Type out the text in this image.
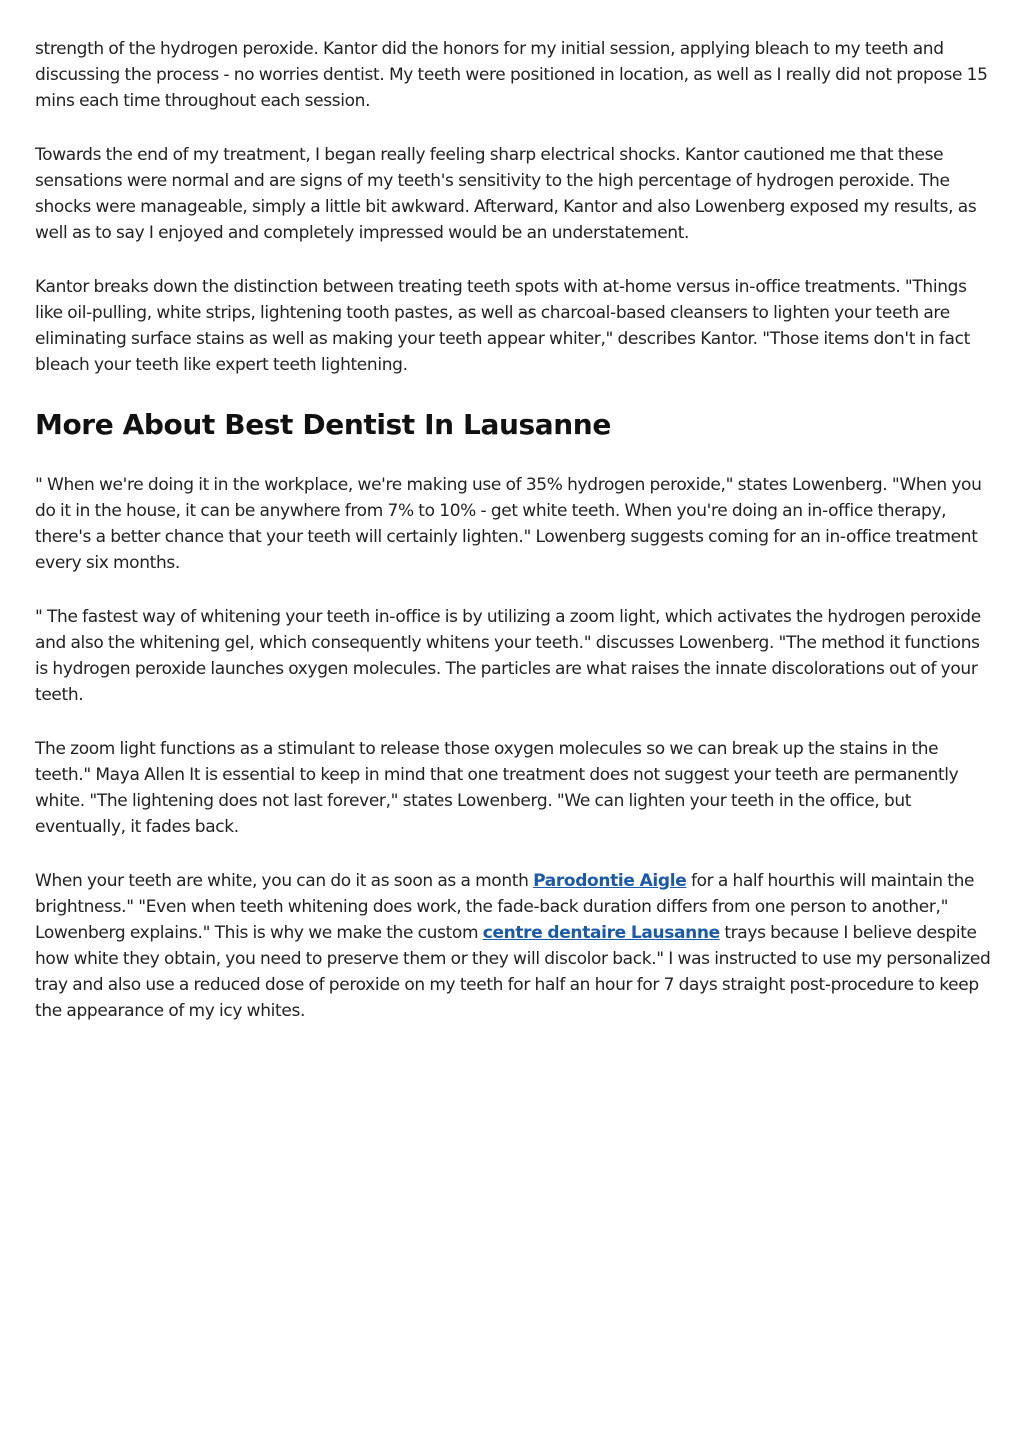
strength of the hydrogen peroxide. Kantor did the honors for my initial session, applying bleach to my teeth and discussing the process - no worries dentist. My teeth were positioned in location, as well as I really did not propose 15 mins each time throughout each session.

Towards the end of my treatment, I began really feeling sharp electrical shocks. Kantor cautioned me that these sensations were normal and are signs of my teeth's sensitivity to the high percentage of hydrogen peroxide. The shocks were manageable, simply a little bit awkward. Afterward, Kantor and also Lowenberg exposed my results, as well as to say I enjoyed and completely impressed would be an understatement.

Kantor breaks down the distinction between treating teeth spots with at-home versus in-office treatments. "Things like oil-pulling, white strips, lightening tooth pastes, as well as charcoal-based cleansers to lighten your teeth are eliminating surface stains as well as making your teeth appear whiter," describes Kantor. "Those items don't in fact bleach your teeth like expert teeth lightening.

More About Best Dentist In Lausanne

" When we're doing it in the workplace, we're making use of 35% hydrogen peroxide," states Lowenberg. "When you do it in the house, it can be anywhere from 7% to 10% - get white teeth. When you're doing an in-office therapy, there's a better chance that your teeth will certainly lighten." Lowenberg suggests coming for an in-office treatment every six months.

" The fastest way of whitening your teeth in-office is by utilizing a zoom light, which activates the hydrogen peroxide and also the whitening gel, which consequently whitens your teeth." discusses Lowenberg. "The method it functions is hydrogen peroxide launches oxygen molecules. The particles are what raises the innate discolorations out of your teeth.

The zoom light functions as a stimulant to release those oxygen molecules so we can break up the stains in the teeth." Maya Allen It is essential to keep in mind that one treatment does not suggest your teeth are permanently white. "The lightening does not last forever," states Lowenberg. "We can lighten your teeth in the office, but eventually, it fades back.

When your teeth are white, you can do it as soon as a month Parodontie Aigle for a half hourthis will maintain the brightness." "Even when teeth whitening does work, the fade-back duration differs from one person to another," Lowenberg explains." This is why we make the custom centre dentaire Lausanne trays because I believe despite how white they obtain, you need to preserve them or they will discolor back." I was instructed to use my personalized tray and also use a reduced dose of peroxide on my teeth for half an hour for 7 days straight post-procedure to keep the appearance of my icy whites.
